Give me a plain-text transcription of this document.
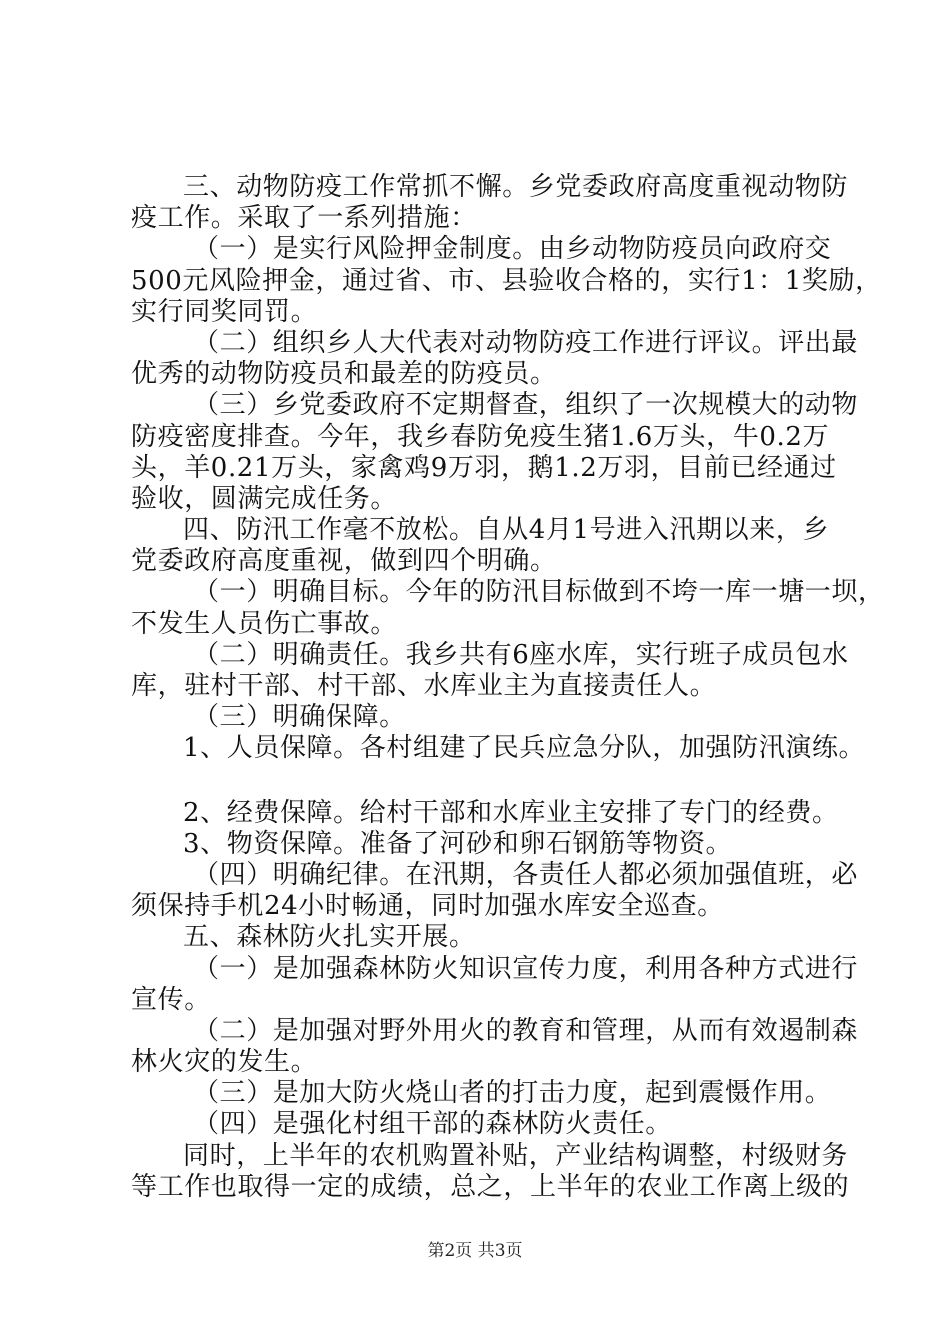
三、动物防疫工作常抓不懈。乡党委政府高度重视动物防
疫工作。采取了一系列措施：
（一）是实行风险押金制度。由乡动物防疫员向政府交
500元风险押金，通过省、市、县验收合格的，实行1：1奖励，
实行同奖同罚。
（二）组织乡人大代表对动物防疫工作进行评议。评出最
优秀的动物防疫员和最差的防疫员。
（三）乡党委政府不定期督查，组织了一次规模大的动物
防疫密度排查。今年，我乡春防免疫生猪1.6万头，牛0.2万
头，羊0.21万头，家禽鸡9万羽，鹅1.2万羽，目前已经通过
验收，圆满完成任务。
四、防汛工作毫不放松。自从4月1号进入汛期以来，乡
党委政府高度重视，做到四个明确。
（一）明确目标。今年的防汛目标做到不垮一库一塘一坝，
不发生人员伤亡事故。
（二）明确责任。我乡共有6座水库，实行班子成员包水
库，驻村干部、村干部、水库业主为直接责任人。
（三）明确保障。
1、人员保障。各村组建了民兵应急分队，加强防汛演练。
2、经费保障。给村干部和水库业主安排了专门的经费。
3、物资保障。准备了河砂和卵石钢筋等物资。
（四）明确纪律。在汛期，各责任人都必须加强值班，必
须保持手机24小时畅通，同时加强水库安全巡查。
五、森林防火扎实开展。
（一）是加强森林防火知识宣传力度，利用各种方式进行
宣传。
（二）是加强对野外用火的教育和管理，从而有效遏制森
林火灾的发生。
（三）是加大防火烧山者的打击力度，起到震慑作用。
（四）是强化村组干部的森林防火责任。
同时，上半年的农机购置补贴，产业结构调整，村级财务
等工作也取得一定的成绩，总之，上半年的农业工作离上级的
第2页 共3页
